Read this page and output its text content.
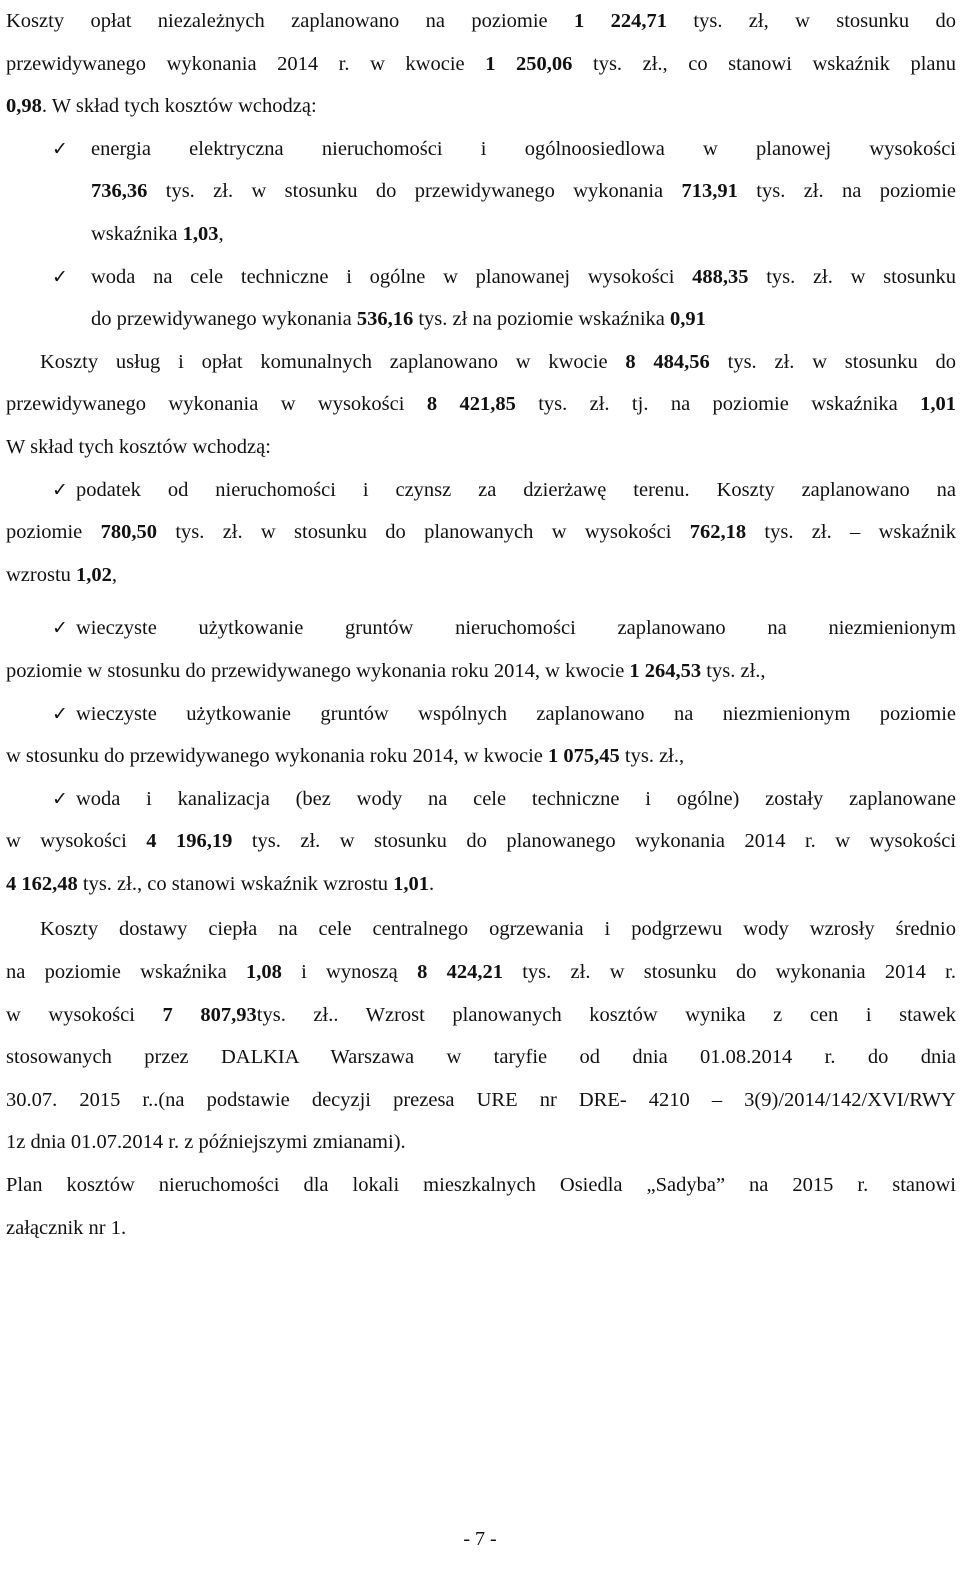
Koszty opłat niezależnych zaplanowano na poziomie 1 224,71 tys. zł, w stosunku do
przewidywanego wykonania 2014 r. w kwocie 1 250,06 tys. zł., co stanowi wskaźnik planu
0,98. W skład tych kosztów wchodzą:
✓	energia elektryczna nieruchomości i ogólnoosiedlowa w planowej wysokości
736,36 tys. zł. w stosunku do przewidywanego wykonania 713,91 tys. zł. na poziomie
wskaźnika 1,03,
✓	woda na cele techniczne i ogólne w planowanej wysokości 488,35 tys. zł. w stosunku
do przewidywanego wykonania 536,16 tys. zł na poziomie wskaźnika 0,91
Koszty usług i opłat komunalnych zaplanowano w kwocie 8 484,56 tys. zł. w stosunku do
przewidywanego wykonania w wysokości 8 421,85 tys. zł. tj. na poziomie wskaźnika 1,01
W skład tych kosztów wchodzą:
✓ podatek od nieruchomości i czynsz za dzierżawę terenu. Koszty zaplanowano na
poziomie 780,50 tys. zł. w stosunku do planowanych w wysokości 762,18 tys. zł. – wskaźnik
wzrostu 1,02,
✓ wieczyste użytkowanie gruntów nieruchomości zaplanowano na niezmienionym
poziomie w stosunku do przewidywanego wykonania roku 2014, w kwocie 1 264,53 tys. zł.,
✓ wieczyste użytkowanie gruntów wspólnych zaplanowano na niezmienionym poziomie
w stosunku do przewidywanego wykonania roku 2014, w kwocie 1 075,45 tys. zł.,
✓ woda i kanalizacja (bez wody na cele techniczne i ogólne) zostały zaplanowane
w wysokości 4 196,19 tys. zł. w stosunku do planowanego wykonania 2014 r. w wysokości
4 162,48 tys. zł., co stanowi wskaźnik wzrostu 1,01.
Koszty dostawy ciepła na cele centralnego ogrzewania i podgrzewu wody wzrosły średnio
na poziomie wskaźnika 1,08 i wynoszą 8 424,21 tys. zł. w stosunku do wykonania 2014 r.
w wysokości 7 807,93tys. zł.. Wzrost planowanych kosztów wynika z cen i stawek
stosowanych przez DALKIA Warszawa w taryfie od dnia 01.08.2014 r. do dnia
30.07. 2015 r..(na podstawie decyzji prezesa URE nr DRE- 4210 – 3(9)/2014/142/XVI/RWY
1z dnia 01.07.2014 r. z późniejszymi zmianami).
Plan kosztów nieruchomości dla lokali mieszkalnych Osiedla „Sadyba” na 2015 r. stanowi
załącznik nr 1.
- 7 -
